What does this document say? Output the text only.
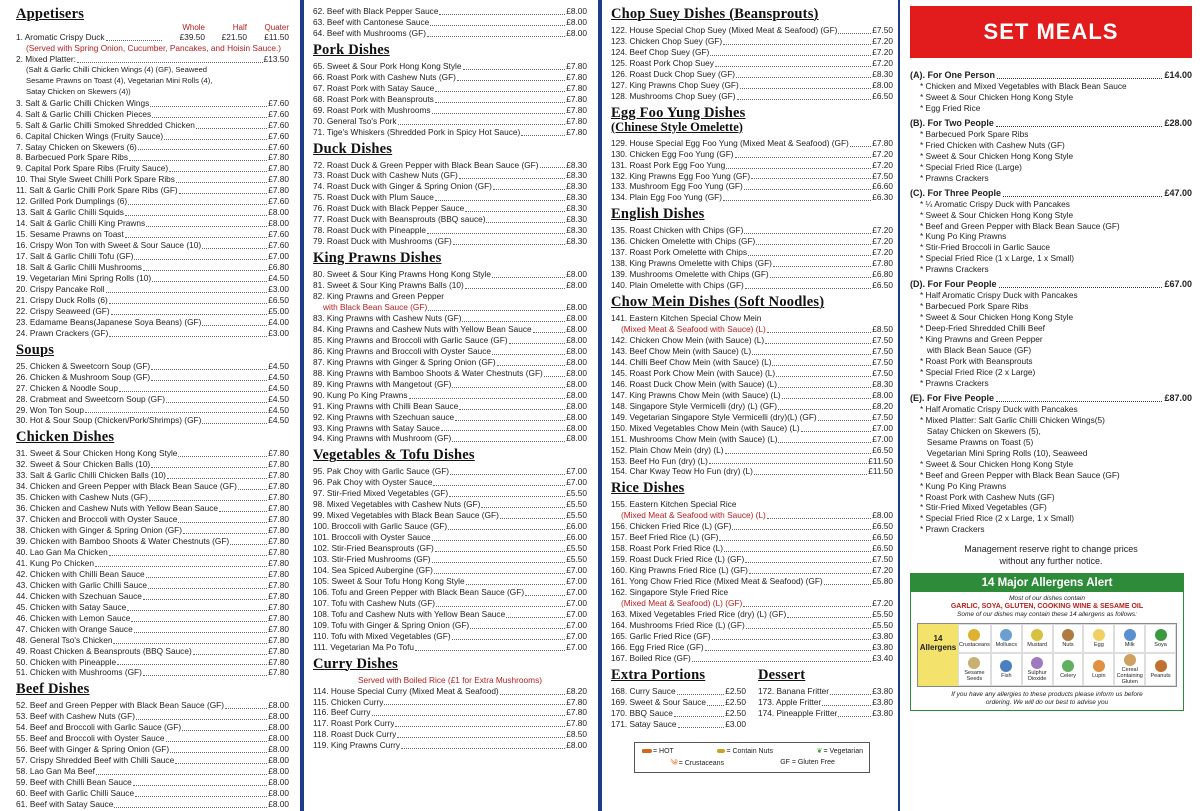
Appetisers
Whole	Half	Quater
1. Aromatic Crispy Duck	£39.50	£21.50	£11.50
(Served with Spring Onion, Cucumber, Pancakes, and Hoisin Sauce.)
2. Mixed Platter:	£13.50
(Salt & Garlic Chilli Chicken Wings (4) (GF), Seaweed
Sesame Prawns on Toast (4), Vegetarian Mini Rolls (4),
Satay Chicken on Skewers (4))
3. Salt & Garlic Chilli Chicken Wings	£7.60
4. Salt & Garlic Chilli Chicken Pieces	£7.60
5. Salt & Garlic Chilli Smoked Shredded Chicken	£7.60
6. Capital Chicken Wings (Fruity Sauce)	£7.60
7. Satay Chicken on Skewers (6)	£7.60
8. Barbecued Pork Spare Ribs	£7.80
9. Capital Pork Spare Ribs (Fruity Sauce)	£7.80
10. Thai Style Sweet Chilli Pork Spare Ribs	£7.80
11. Salt & Garlic Chilli Pork Spare Ribs (GF)	£7.80
12. Grilled Pork Dumplings (6)	£7.60
13. Salt & Garlic Chilli Squids	£8.00
14. Salt & Garlic Chilli King Prawns	£8.00
15. Sesame Prawns on Toast	£7.60
16. Crispy Won Ton with Sweet & Sour Sauce (10)	£7.60
17. Salt & Garlic Chilli Tofu (GF)	£7.00
18. Salt & Garlic Chilli Mushrooms	£6.80
19. Vegetarian Mini Spring Rolls (10)	£4.50
20. Crispy Pancake Roll	£3.00
21. Crispy Duck Rolls (6)	£6.50
22. Crispy Seaweed (GF)	£5.00
23. Edamame Beans(Japanese Soya Beans) (GF)	£4.00
24. Prawn Crackers (GF)	£3.00
Soups
25. Chicken & Sweetcorn Soup (GF)	£4.50
26. Chicken & Mushroom Soup (GF)	£4.50
27. Chicken & Noodle Soup	£4.50
28. Crabmeat and Sweetcorn Soup (GF)	£4.50
29. Won Ton Soup	£4.50
30. Hot & Sour Soup (Chicken/Pork/Shrimps) (GF)	£4.50
Chicken Dishes
31. Sweet & Sour Chicken Hong Kong Style	£7.80
32. Sweet & Sour Chicken Balls (10)	£7.80
33. Salt & Garlic Chilli Chicken Balls (10)	£7.80
34. Chicken and Green Pepper with Black Bean Sauce (GF)	£7.80
35. Chicken with Cashew Nuts (GF)	£7.80
36. Chicken and Cashew Nuts with Yellow Bean Sauce	£7.80
37. Chicken and Broccoli with Oyster Sauce	£7.80
38. Chicken with Ginger & Spring Onion (GF)	£7.80
39. Chicken with Bamboo Shoots & Water Chestnuts (GF)	£7.80
40. Lao Gan Ma Chicken	£7.80
41. Kung Po Chicken	£7.80
42. Chicken with Chilli Bean Sauce	£7.80
43. Chicken with Garlic Chilli Sauce	£7.80
44. Chicken with Szechuan Sauce	£7.80
45. Chicken with Satay Sauce	£7.80
46. Chicken with Lemon Sauce	£7.80
47. Chicken with Orange Sauce	£7.80
48. General Tso's Chicken	£7.80
49. Roast Chicken & Beansprouts (BBQ Sauce)	£7.80
50. Chicken with Pineapple	£7.80
51. Chicken with Mushrooms (GF)	£7.80
Beef Dishes
52. Beef and Green Pepper with Black Bean Sauce (GF)	£8.00
53. Beef with Cashew Nuts (GF)	£8.00
54. Beef and Broccoli with Garlic Sauce (GF)	£8.00
55. Beef and Broccoli with Oyster Sauce	£8.00
56. Beef with Ginger & Spring Onion (GF)	£8.00
57. Crispy Shredded Beef with Chilli Sauce	£8.00
58. Lao Gan Ma Beef	£8.00
59. Beef with Chilli Bean Sauce	£8.00
60. Beef with Garlic Chilli Sauce	£8.00
61. Beef with Satay Sauce	£8.00
62. Beef with Black Pepper Sauce	£8.00
63. Beef with Cantonese Sauce	£8.00
64. Beef with Mushrooms (GF)	£8.00
Pork Dishes
65. Sweet & Sour Pork Hong Kong Style	£7.80
66. Roast Pork with Cashew Nuts (GF)	£7.80
67. Roast Pork with Satay Sauce	£7.80
68. Roast Pork with Beansprouts	£7.80
69. Roast Pork with Mushrooms	£7.80
70. General Tso's Pork	£7.80
71. Tige's Whiskers (Shredded Pork in Spicy Hot Sauce)	£7.80
Duck Dishes
72. Roast Duck & Green Pepper with Black Bean Sauce (GF)	£8.30
73. Roast Duck with Cashew Nuts (GF)	£8.30
74. Roast Duck with Ginger & Spring Onion (GF)	£8.30
75. Roast Duck with Plum Sauce	£8.30
76. Roast Duck with Black Pepper Sauce	£8.30
77. Roast Duck with Beansprouts (BBQ sauce)	£8.30
78. Roast Duck with Pineapple	£8.30
79. Roast Duck with Mushrooms (GF)	£8.30
King Prawns Dishes
80. Sweet & Sour King Prawns Hong Kong Style	£8.00
81. Sweet & Sour King Prawns Balls (10)	£8.00
82. King Prawns and Green Pepper
with Black Bean Sauce (GF)	£8.00
83. King Prawns with Cashew Nuts (GF)	£8.00
84. King Prawns and Cashew Nuts with Yellow Bean Sauce	£8.00
85. King Prawns and Broccoli with Garlic Sauce (GF)	£8.00
86. King Prawns and Broccoli with Oyster Sauce	£8.00
87. King Prawns with Ginger & Spring Onion (GF)	£8.00
88. King Prawns with Bamboo Shoots & Water Chestnuts (GF)	£8.00
89. King Prawns with Mangetout (GF)	£8.00
90. Kung Po King Prawns	£8.00
91. King Prawns with Chilli Bean Sauce	£8.00
92. King Prawns with Szechuan sauce	£8.00
93. King Prawns with Satay Sauce	£8.00
94. King Prawns with Mushroom (GF)	£8.00
Vegetables & Tofu Dishes
95. Pak Choy with Garlic Sauce (GF)	£7.00
96. Pak Choy with Oyster Sauce	£7.00
97. Stir-Fried Mixed Vegetables (GF)	£5.50
98. Mixed Vegetables with Cashew Nuts (GF)	£5.50
99. Mixed Vegetables with Black Bean Sauce (GF)	£5.50
100. Broccoli with Garlic Sauce (GF)	£6.00
101. Broccoli with Oyster Sauce	£6.00
102. Stir-Fried Beansprouts (GF)	£5.50
103. Stir-Fried Mushrooms (GF)	£5.50
104. Sea Spiced Aubergine (GF)	£7.00
105. Sweet & Sour Tofu Hong Kong Style	£7.00
106. Tofu and Green Pepper with Black Bean Sauce (GF)	£7.00
107. Tofu with Cashew Nuts (GF)	£7.00
108. Tofu and Cashew Nuts with Yellow Bean Sauce	£7.00
109. Tofu with Ginger & Spring Onion (GF)	£7.00
110. Tofu with Mixed Vegetables (GF)	£7.00
111. Vegetarian Ma Po Tofu	£7.00
Curry Dishes
Served with Boiled Rice (£1 for Extra Mushrooms)
114. House Special Curry (Mixed Meat & Seafood)	£8.20
115. Chicken Curry	£7.80
116. Beef Curry	£7.80
117. Roast Pork Curry	£7.80
118. Roast Duck Curry	£8.50
119. King Prawns Curry	£8.00
Chop Suey Dishes (Beansprouts)
122. House Special Chop Suey (Mixed Meat & Seafood) (GF)	£7.50
123. Chicken Chop Suey (GF)	£7.20
124. Beef Chop Suey (GF)	£7.20
125. Roast Pork Chop Suey	£7.20
126. Roast Duck Chop Suey (GF)	£8.30
127. King Prawns Chop Suey (GF)	£8.00
128. Mushrooms Chop Suey (GF)	£6.50
Egg Foo Yung Dishes
(Chinese Style Omelette)
129. House Special Egg Foo Yung (Mixed Meat & Seafood) (GF)	£7.80
130. Chicken Egg Foo Yung (GF)	£7.20
131. Roast Pork Egg Foo Yung	£7.20
132. King Prawns Egg Foo Yung (GF)	£7.50
133. Mushroom Egg Foo Yung (GF)	£6.60
134. Plain Egg Foo Yung (GF)	£6.30
English Dishes
135. Roast Chicken with Chips (GF)	£7.20
136. Chicken Omelette with Chips (GF)	£7.20
137. Roast Pork Omelette with Chips	£7.20
138. King Prawns Omelette with Chips (GF)	£7.80
139. Mushrooms Omelette with Chips (GF)	£6.80
140. Plain Omelette with Chips (GF)	£6.50
Chow Mein Dishes (Soft Noodles)
141. Eastern Kitchen Special Chow Mein
(Mixed Meat & Seafood with Sauce) (L)	£8.50
142. Chicken Chow Mein (with Sauce) (L)	£7.50
143. Beef Chow Mein (with Sauce) (L)	£7.50
144. Chilli Beef Chow Mein (with Sauce) (L)	£7.50
145. Roast Pork Chow Mein (with Sauce) (L)	£7.50
146. Roast Duck Chow Mein (with Sauce) (L)	£8.30
147. King Prawns Chow Mein (with Sauce) (L)	£8.00
148. Singapore Style Vermicelli (dry) (L) (GF)	£8.20
149. Vegetarian Singapore Style Vermicelli (dry)(L) (GF)	£7.50
150. Mixed Vegetables Chow Mein (with Sauce) (L)	£7.00
151. Mushrooms Chow Mein (with Sauce) (L)	£7.00
152. Plain Chow Mein (dry) (L)	£6.50
153. Beef Ho Fun (dry) (L)	£11.50
154. Char Kway Teow Ho Fun (dry) (L)	£11.50
Rice Dishes
155. Eastern Kitchen Special Rice
(Mixed Meat & Seafood with Sauce) (L)	£8.00
156. Chicken Fried Rice (L) (GF)	£6.50
157. Beef Fried Rice (L) (GF)	£6.50
158. Roast Pork Fried Rice (L)	£6.50
159. Roast Duck Fried Rice (L) (GF)	£7.50
160. King Prawns Fried Rice (L) (GF)	£7.20
161. Yong Chow Fried Rice (Mixed Meat & Seafood) (GF)	£5.80
162. Singapore Style Fried Rice
(Mixed Meat & Seafood) (L) (GF)	£7.20
163. Mixed Vegetables Fried Rice (dry) (L) (GF)	£5.50
164. Mushrooms Fried Rice (L) (GF)	£5.50
165. Garlic Fried Rice (GF)	£3.80
166. Egg Fried Rice (GF)	£3.80
167. Boiled Rice (GF)	£3.40
Extra Portions
168. Curry Sauce	£2.50
169. Sweet & Sour Sauce £2.50
170. BBQ Sauce	£2.50
171. Satay Sauce	£3.00
Dessert
172. Banana Fritter	£3.80
173. Apple Fritter	£3.80
174. Pineapple Fritter	£3.80
= HOT	= Contain Nuts	❦= Vegetarian
༄= Crustaceans	GF = Gluten Free
SET MEALS
(A). For One Person	£14.00
* Chicken and Mixed Vegetables with Black Bean Sauce
* Sweet & Sour Chicken Hong Kong Style
* Egg Fried Rice
(B). For Two People	£28.00
* Barbecued Pork Spare Ribs
* Fried Chicken with Cashew Nuts (GF)
* Sweet & Sour Chicken Hong Kong Style
* Special Fried Rice (Large)
* Prawns Crackers
(C). For Three People	£47.00
* ¼ Aromatic Crispy Duck with Pancakes
* Sweet & Sour Chicken Hong Kong Style
* Beef and Green Pepper with Black Bean Sauce (GF)
* Kung Po King Prawns
* Stir-Fried Broccoli in Garlic Sauce
* Special Fried Rice (1 x Large, 1 x Small)
* Prawns Crackers
(D). For Four People	£67.00
* Half Aromatic Crispy Duck with Pancakes
* Barbecued Pork Spare Ribs
* Sweet & Sour Chicken Hong Kong Style
* Deep-Fried Shredded Chilli Beef
* King Prawns and Green Pepper
with Black Bean Sauce (GF)
* Roast Pork with Beansprouts
* Special Fried Rice (2 x Large)
* Prawns Crackers
(E). For Five People	£87.00
* Half Aromatic Crispy Duck with Pancakes
* Mixed Platter: Salt Garlic Chilli Chicken Wings(5)
Satay Chicken on Skewers (5),
Sesame Prawns on Toast (5)
Vegetarian Mini Spring Rolls (10), Seaweed
* Sweet & Sour Chicken Hong Kong Style
* Beef and Green Pepper with Black Bean Sauce (GF)
* Kung Po King Prawns
* Roast Pork with Cashew Nuts (GF)
* Stir-Fried Mixed Vegetables (GF)
* Special Fried Rice (2 x Large, 1 x Small)
* Prawn Crackers
Management reserve right to change prices
without any further notice.
14 Major Allergens Alert
Most of our dishes contain
GARLIC, SOYA, GLUTEN, COOKING WINE & SESAME OIL
Some of our dishes may contain these 14 allergens as follows:
14 Allergens Crustaceans Molluscs Mustard	Nuts	Egg	Milk	Soya
Sesame Seeds	Fish	Sulphur Dioxide	Celery	Lupin
Cereal Containing Gluten
Peanuts
If you have any allergies to these products please inform us before
ordering. We will do our best to advise you
